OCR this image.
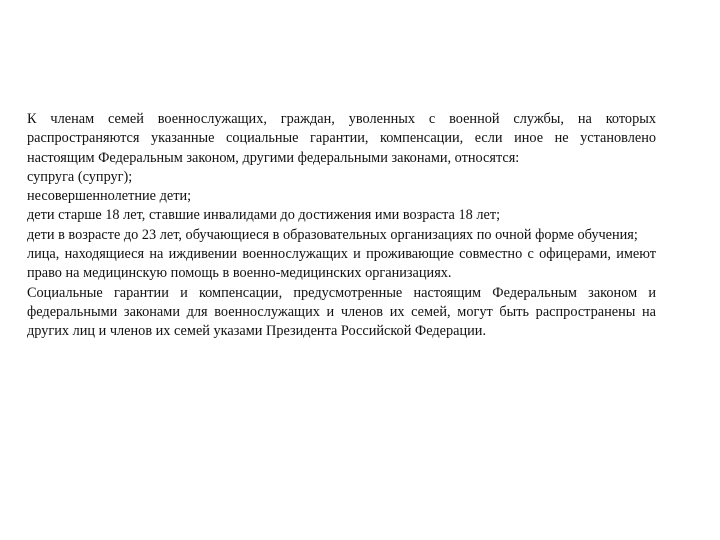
К членам семей военнослужащих, граждан, уволенных с военной службы, на которых распространяются указанные социальные гарантии, компенсации, если иное не установлено настоящим Федеральным законом, другими федеральными законами, относятся:

супруга (супруг);

несовершеннолетние дети;

дети старше 18 лет, ставшие инвалидами до достижения ими возраста 18 лет;

дети в возрасте до 23 лет, обучающиеся в образовательных организациях по очной форме обучения;

лица, находящиеся на иждивении военнослужащих и проживающие совместно с офицерами, имеют право на медицинскую помощь в военно-медицинских организациях.

Социальные гарантии и компенсации, предусмотренные настоящим Федеральным законом и федеральными законами для военнослужащих и членов их семей, могут быть распространены на других лиц и членов их семей указами Президента Российской Федерации.
